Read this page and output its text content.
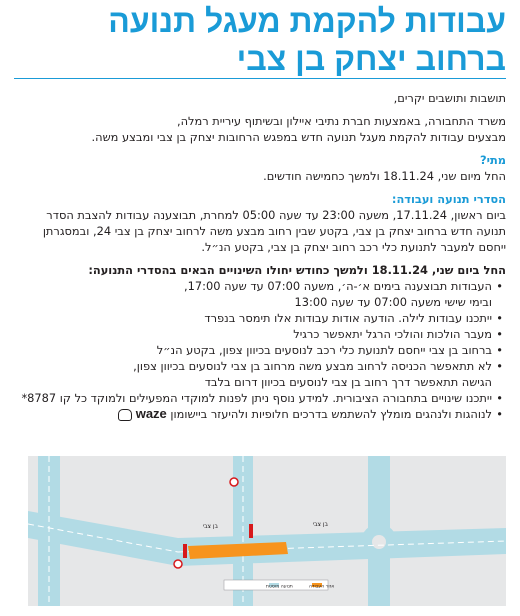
עבודות להקמת מעגל תנועה
ברחוב יצחק בן צבי

תושבות ותושבים יקרים,

משרד התחבורה, באמצעות חברת נתיבי איילון ובשיתוף עיריית רמלה,
מבצעים עבודות להקמת מעגל תנועה חדש במפגש הרחובות יצחק בן צבי ומבצע משה.

מתי?

החל מיום שני, 18.11.24 ולמשך כחמישה חודשים.

הסדרי תנועה ועבודה:

ביום ראשון, 17.11.24, משעה 23:00 עד שעה 05:00 למחרת, תבוצענה עבודות להצבת הסדר
תנועה חדש ברחוב יצחק בן צבי, בקטע שבין רחוב מבצע משה לרחוב יצחק בן צבי 24, ובמסגרתן
ייחסם למעבר לתנועת כלי רכב רחוב יצחק בן צבי, בקטע הנ״ל.

החל ביום שני, 18.11.24 ולמשך כחודש יחולו השינויים הבאים בהסדרי התנועה:
• העבודות תבוצענה בימים א׳-ה׳, משעה 07:00 עד שעה 17:00,
ובימי שישי משעה 07:00 עד שעה 13:00
• ייתכנו עבודות לילה. הודעה אודות עבודות אלו תימסר בנפרד
• מעבר הולכות והולכי הרגל יתאפשר כרגיל
• ברחוב בן צבי ייחסם לתנועת כלי רכב לנוסעים בכיוון צפון, בקטע הנ״ל
• לא תתאפשר הכניסה לרחוב מבצע משה מרחוב בן צבי לנוסעים בכיוון צפון,
הגישה תתאפשר דרך רחוב בן צבי לנוסעים בכיוון דרום בלבד
• ייתכנו שינויים בתחבורה הציבורית. למידע נוסף ניתן לפנות למוקדי המפעילים ולמוקד כל קו 8787*
• לנוהגות ולנהגים מומלץ להשתמש בדרכים חלופיות ולהיעזר ביישומון waze
בן צבי	בן צבי
אזור העבודה
תנועה מוסטת
